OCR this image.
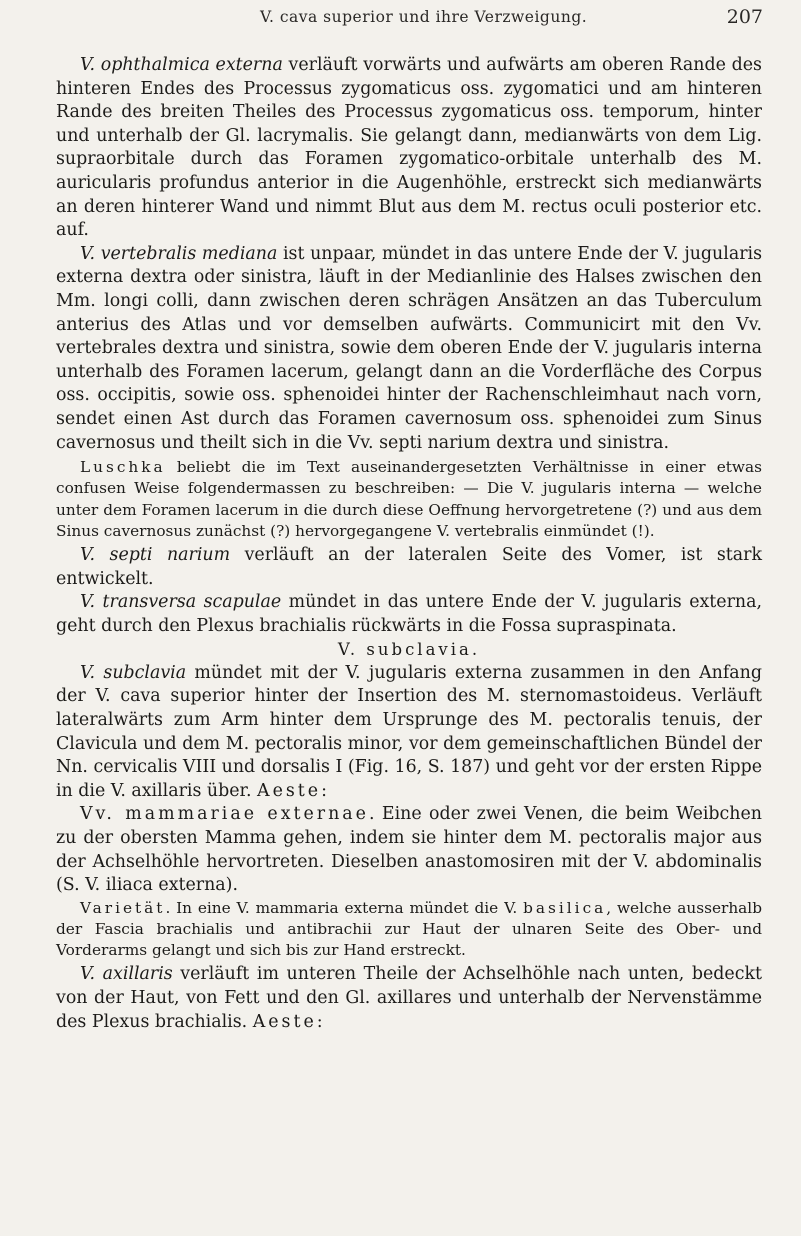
V. cava superior und ihre Verzweigung.	207

V. ophthalmica externa verläuft vorwärts und aufwärts am oberen Rande des hinteren Endes des Processus zygomaticus oss. zygomatici und am hinteren Rande des breiten Theiles des Processus zygomaticus oss. temporum, hinter und unterhalb der Gl. lacrymalis. Sie gelangt dann, medianwärts von dem Lig. supraorbitale durch das Foramen zygomatico-orbitale unterhalb des M. auricularis profundus anterior in die Augenhöhle, erstreckt sich medianwärts an deren hinterer Wand und nimmt Blut aus dem M. rectus oculi posterior etc. auf.

V. vertebralis mediana ist unpaar, mündet in das untere Ende der V. jugularis externa dextra oder sinistra, läuft in der Medianlinie des Halses zwischen den Mm. longi colli, dann zwischen deren schrägen Ansätzen an das Tuberculum anterius des Atlas und vor demselben aufwärts. Communicirt mit den Vv. vertebrales dextra und sinistra, sowie dem oberen Ende der V. jugularis interna unterhalb des Foramen lacerum, gelangt dann an die Vorderfläche des Corpus oss. occipitis, sowie oss. sphenoidei hinter der Rachenschleimhaut nach vorn, sendet einen Ast durch das Foramen cavernosum oss. sphenoidei zum Sinus cavernosus und theilt sich in die Vv. septi narium dextra und sinistra.

Luschka beliebt die im Text auseinandergesetzten Verhältnisse in einer etwas confusen Weise folgendermassen zu beschreiben: — Die V. jugularis interna — welche unter dem Foramen lacerum in die durch diese Oeffnung hervorgetretene (?) und aus dem Sinus cavernosus zunächst (?) hervorgegangene V. vertebralis einmündet (!).

V. septi narium verläuft an der lateralen Seite des Vomer, ist stark entwickelt.

V. transversa scapulae mündet in das untere Ende der V. jugularis externa, geht durch den Plexus brachialis rückwärts in die Fossa supraspinata.

V. subclavia.

V. subclavia mündet mit der V. jugularis externa zusammen in den Anfang der V. cava superior hinter der Insertion des M. sternomastoideus. Verläuft lateralwärts zum Arm hinter dem Ursprunge des M. pectoralis tenuis, der Clavicula und dem M. pectoralis minor, vor dem gemeinschaftlichen Bündel der Nn. cervicalis VIII und dorsalis I (Fig. 16, S. 187) und geht vor der ersten Rippe in die V. axillaris über. Aeste:

Vv. mammariae externae. Eine oder zwei Venen, die beim Weibchen zu der obersten Mamma gehen, indem sie hinter dem M. pectoralis major aus der Achselhöhle hervortreten. Dieselben anastomosiren mit der V. abdominalis (S. V. iliaca externa).

Varietät. In eine V. mammaria externa mündet die V. basilica, welche ausserhalb der Fascia brachialis und antibrachii zur Haut der ulnaren Seite des Ober- und Vorderarms gelangt und sich bis zur Hand erstreckt.

V. axillaris verläuft im unteren Theile der Achselhöhle nach unten, bedeckt von der Haut, von Fett und den Gl. axillares und unterhalb der Nervenstämme des Plexus brachialis. Aeste:
